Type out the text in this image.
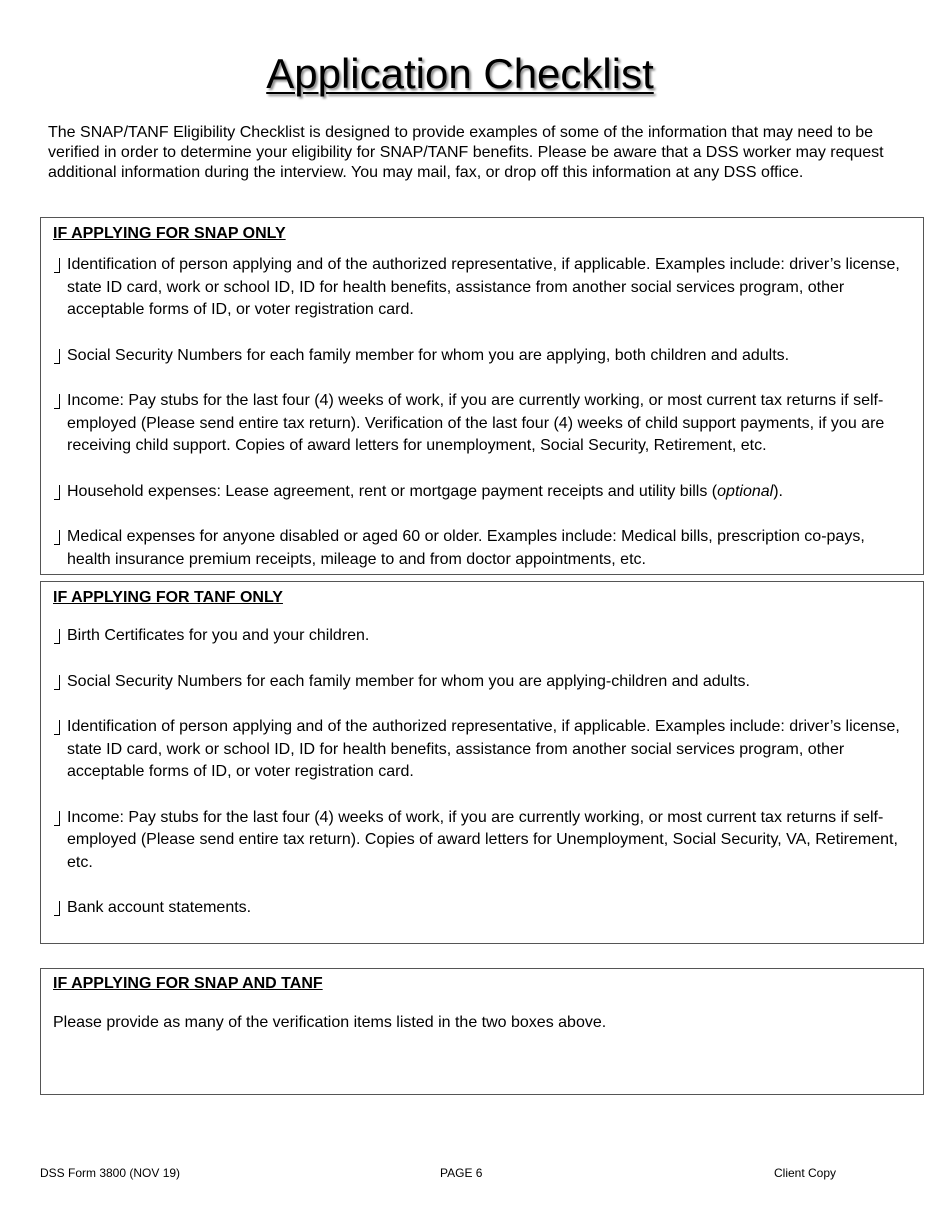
Application Checklist
The SNAP/TANF Eligibility Checklist is designed to provide examples of some of the information that may need to be verified in order to determine your eligibility for SNAP/TANF benefits. Please be aware that a DSS worker may request additional information during the interview. You may mail, fax, or drop off this information at any DSS office.
IF APPLYING FOR SNAP ONLY
Identification of person applying and of the authorized representative, if applicable. Examples include: driver’s license, state ID card, work or school ID, ID for health benefits, assistance from another social services program, other acceptable forms of ID, or voter registration card.
Social Security Numbers for each family member for whom you are applying, both children and adults.
Income: Pay stubs for the last four (4) weeks of work, if you are currently working, or most current tax returns if self-employed (Please send entire tax return). Verification of the last four (4) weeks of child support payments, if you are receiving child support. Copies of award letters for unemployment, Social Security, Retirement, etc.
Household expenses: Lease agreement, rent or mortgage payment receipts and utility bills (optional).
Medical expenses for anyone disabled or aged 60 or older. Examples include: Medical bills, prescription co-pays, health insurance premium receipts, mileage to and from doctor appointments, etc.
IF APPLYING FOR TANF ONLY
Birth Certificates for you and your children.
Social Security Numbers for each family member for whom you are applying-children and adults.
Identification of person applying and of the authorized representative, if applicable. Examples include: driver’s license, state ID card, work or school ID, ID for health benefits, assistance from another social services program, other acceptable forms of ID, or voter registration card.
Income: Pay stubs for the last four (4) weeks of work, if you are currently working, or most current tax returns if self-employed (Please send entire tax return). Copies of award letters for Unemployment, Social Security, VA, Retirement, etc.
Bank account statements.
IF APPLYING FOR SNAP AND TANF
Please provide as many of the verification items listed in the two boxes above.
DSS Form 3800 (NOV 19)	PAGE 6	Client Copy
